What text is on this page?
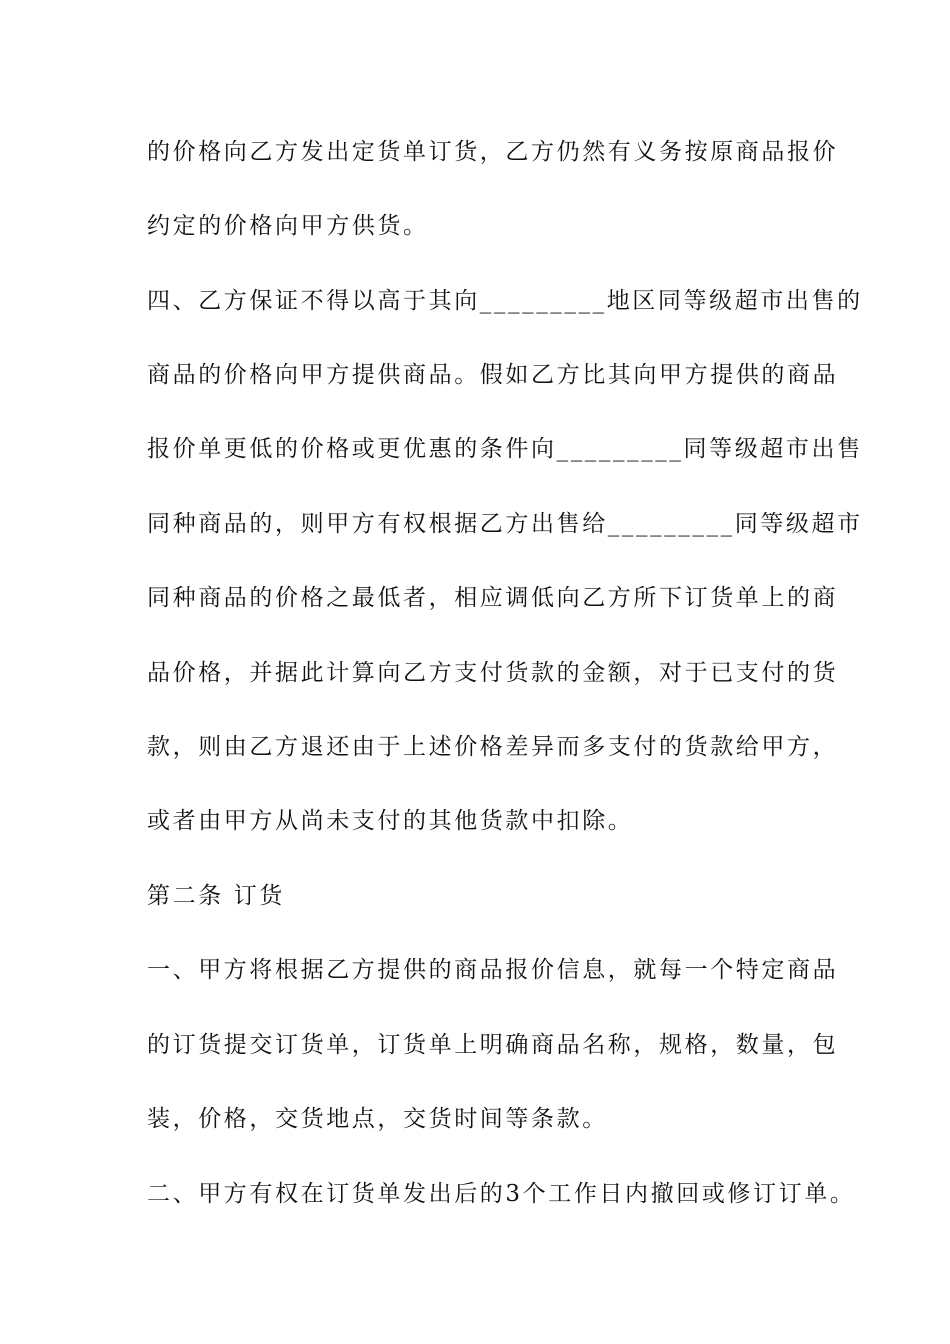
的价格向乙方发出定货单订货，乙方仍然有义务按原商品报价
约定的价格向甲方供货。
四、乙方保证不得以高于其向_________地区同等级超市出售的
商品的价格向甲方提供商品。假如乙方比其向甲方提供的商品
报价单更低的价格或更优惠的条件向_________同等级超市出售
同种商品的，则甲方有权根据乙方出售给_________同等级超市
同种商品的价格之最低者，相应调低向乙方所下订货单上的商
品价格，并据此计算向乙方支付货款的金额，对于已支付的货
款，则由乙方退还由于上述价格差异而多支付的货款给甲方，
或者由甲方从尚未支付的其他货款中扣除。
第二条 订货
一、甲方将根据乙方提供的商品报价信息，就每一个特定商品
的订货提交订货单，订货单上明确商品名称，规格，数量，包
装，价格，交货地点，交货时间等条款。
二、甲方有权在订货单发出后的3个工作日内撤回或修订订单。
